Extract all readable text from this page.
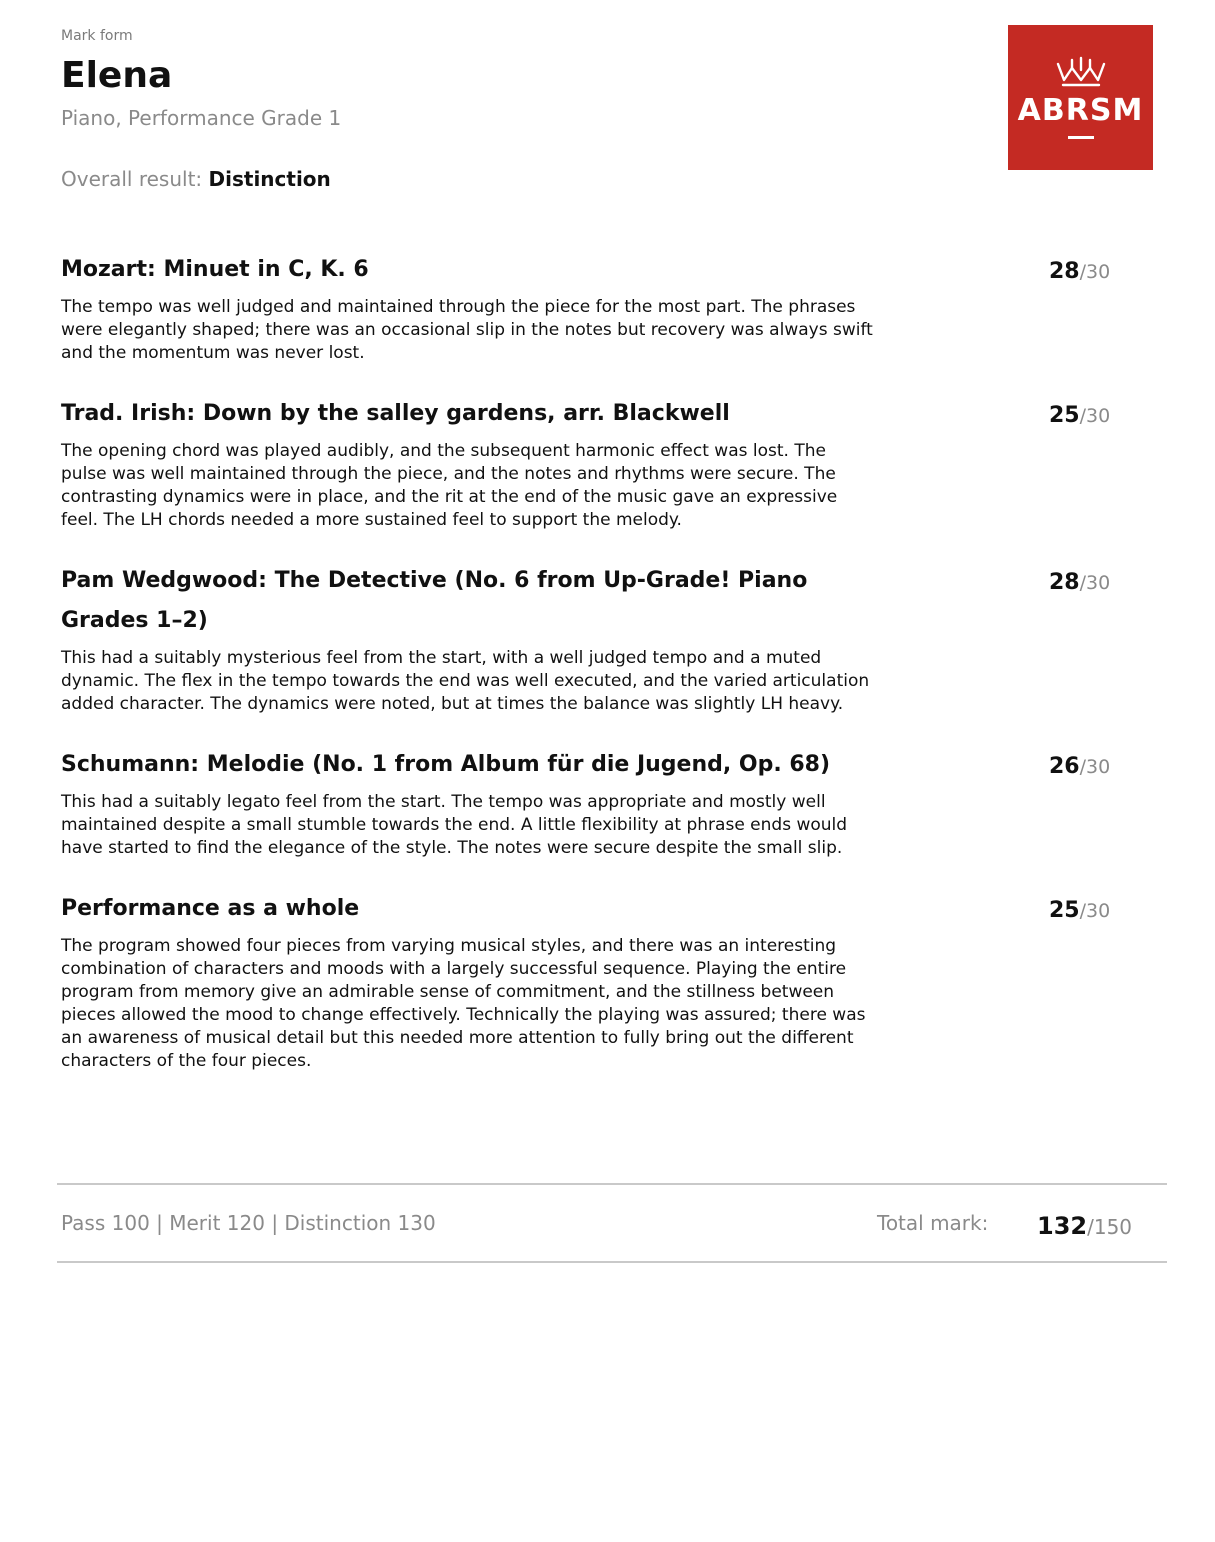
Mark form
Elena
Piano, Performance Grade 1
Overall result: Distinction
ABRSM
Mozart: Minuet in C, K. 6	28/30
The tempo was well judged and maintained through the piece for the most part. The phrases were elegantly shaped; there was an occasional slip in the notes but recovery was always swift and the momentum was never lost.
Trad. Irish: Down by the salley gardens, arr. Blackwell	25/30
The opening chord was played audibly, and the subsequent harmonic effect was lost. The pulse was well maintained through the piece, and the notes and rhythms were secure. The contrasting dynamics were in place, and the rit at the end of the music gave an expressive feel. The LH chords needed a more sustained feel to support the melody.
Pam Wedgwood: The Detective (No. 6 from Up-Grade! Piano Grades 1–2)
28/30
This had a suitably mysterious feel from the start, with a well judged tempo and a muted dynamic. The flex in the tempo towards the end was well executed, and the varied articulation added character. The dynamics were noted, but at times the balance was slightly LH heavy.
Schumann: Melodie (No. 1 from Album für die Jugend, Op. 68)	26/30
This had a suitably legato feel from the start. The tempo was appropriate and mostly well maintained despite a small stumble towards the end. A little flexibility at phrase ends would have started to find the elegance of the style. The notes were secure despite the small slip.
Performance as a whole	25/30
The program showed four pieces from varying musical styles, and there was an interesting combination of characters and moods with a largely successful sequence. Playing the entire program from memory give an admirable sense of commitment, and the stillness between pieces allowed the mood to change effectively. Technically the playing was assured; there was an awareness of musical detail but this needed more attention to fully bring out the different characters of the four pieces.
Pass 100 | Merit 120 | Distinction 130	Total mark: 132/150
